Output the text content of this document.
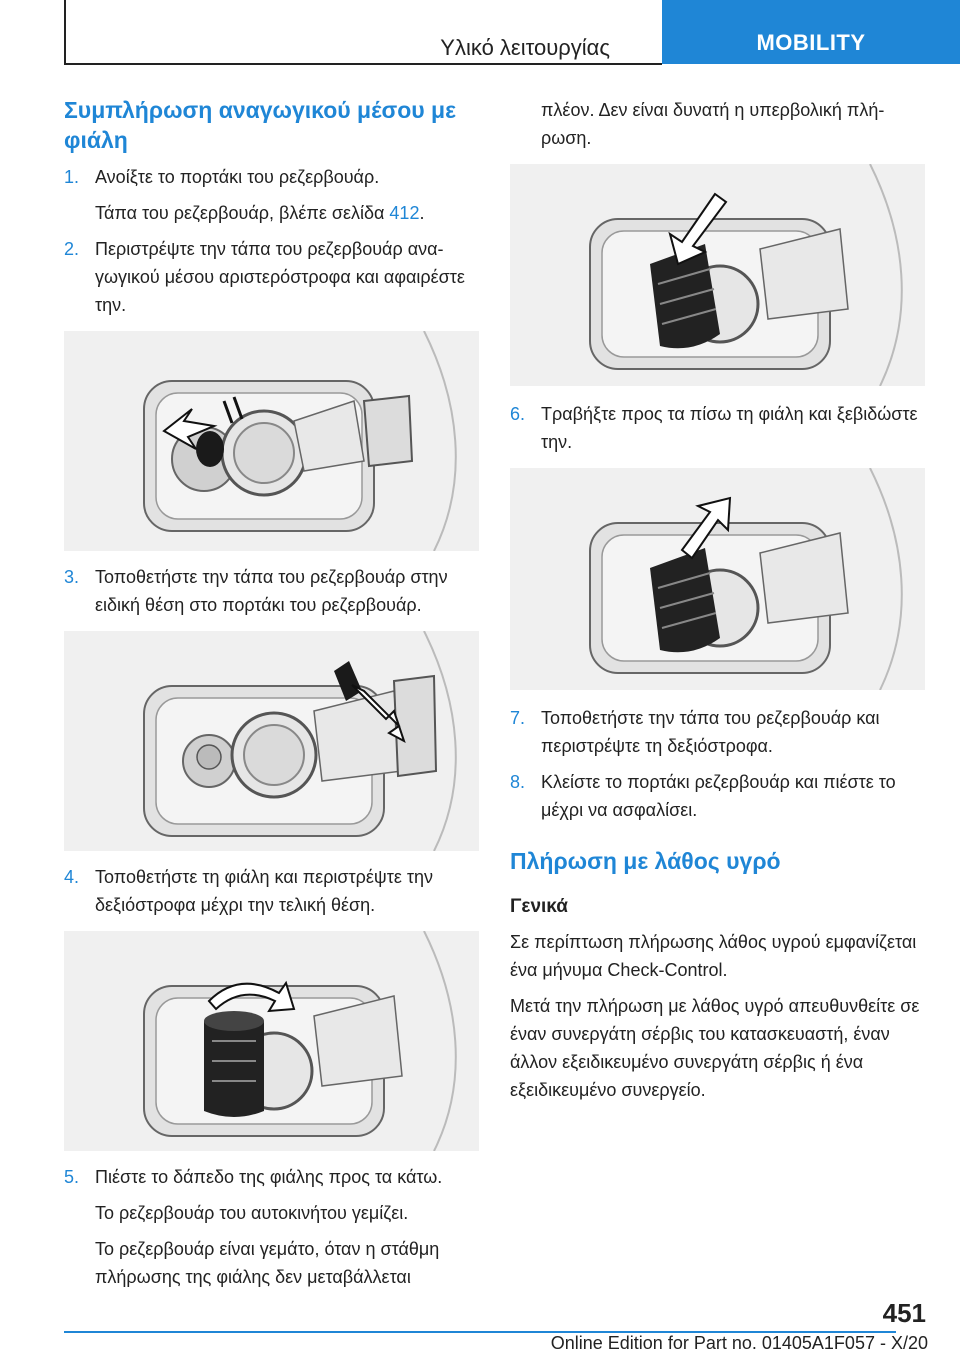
Υλικό λειτουργίας	MOBILITY
Συμπλήρωση αναγωγικού μέσου με φιάλη
1. Ανοίξτε το πορτάκι του ρεζερβουάρ.
Τάπα του ρεζερβουάρ, βλέπε σελίδα 412.
2. Περιστρέψτε την τάπα του ρεζερβουάρ αναγωγικού μέσου αριστερόστροφα και αφαιρέστε την.
3. Τοποθετήστε την τάπα του ρεζερβουάρ στην ειδική θέση στο πορτάκι του ρεζερβουάρ.
4. Τοποθετήστε τη φιάλη και περιστρέψτε την δεξιόστροφα μέχρι την τελική θέση.
5. Πιέστε το δάπεδο της φιάλης προς τα κάτω.
Το ρεζερβουάρ του αυτοκινήτου γεμίζει.
Το ρεζερβουάρ είναι γεμάτο, όταν η στάθμη πλήρωσης της φιάλης δεν μεταβάλλεται
πλέον. Δεν είναι δυνατή η υπερβολική πλήρωση.
6. Τραβήξτε προς τα πίσω τη φιάλη και ξεβιδώστε την.
7. Τοποθετήστε την τάπα του ρεζερβουάρ και περιστρέψτε τη δεξιόστροφα.
8. Κλείστε το πορτάκι ρεζερβουάρ και πιέστε το μέχρι να ασφαλίσει.
Πλήρωση με λάθος υγρό
Γενικά
Σε περίπτωση πλήρωσης λάθος υγρού εμφανίζεται ένα μήνυμα Check-Control.
Μετά την πλήρωση με λάθος υγρό απευθυνθείτε σε έναν συνεργάτη σέρβις του κατασκευαστή, έναν άλλον εξειδικευμένο συνεργάτη σέρβις ή ένα εξειδικευμένο συνεργείο.
451
Online Edition for Part no. 01405A1F057 - X/20
